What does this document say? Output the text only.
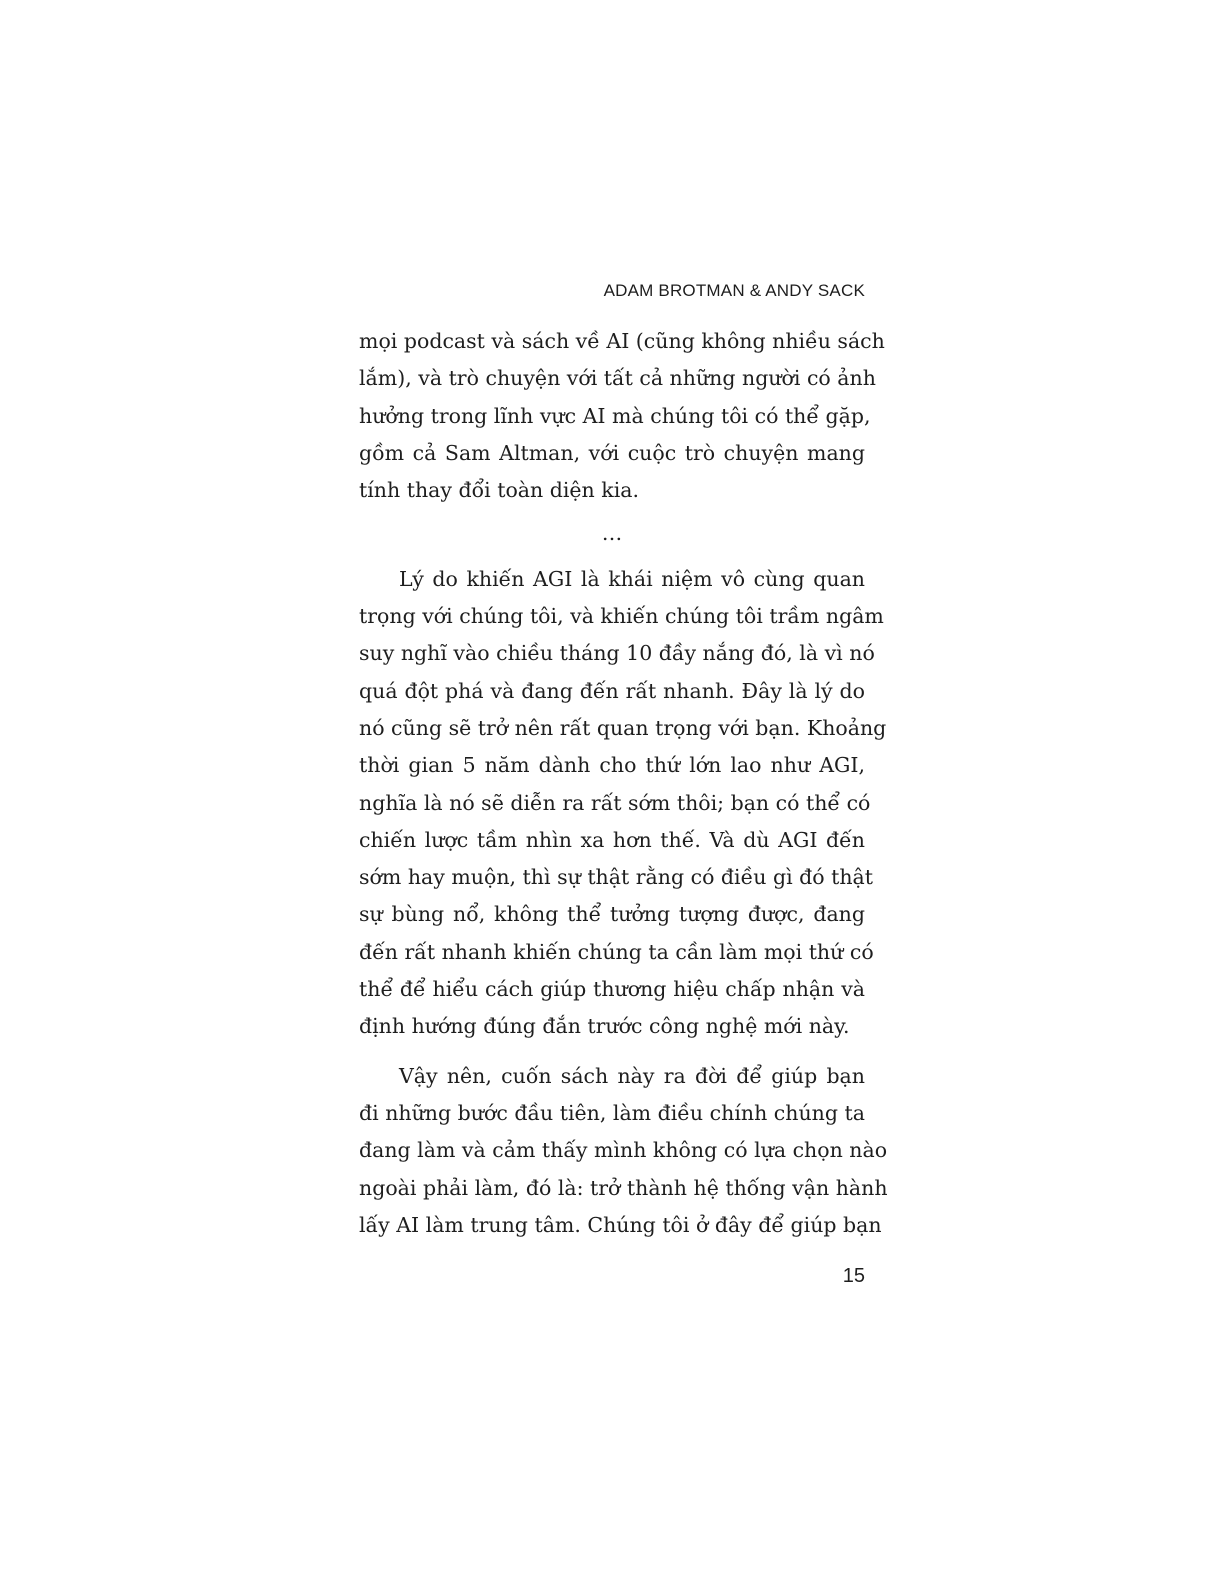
ADAM BROTMAN & ANDY SACK

mọi podcast và sách về AI (cũng không nhiều sách
lắm), và trò chuyện với tất cả những người có ảnh
hưởng trong lĩnh vực AI mà chúng tôi có thể gặp,
gồm cả Sam Altman, với cuộc trò chuyện mang
tính thay đổi toàn diện kia.
…
Lý do khiến AGI là khái niệm vô cùng quan
trọng với chúng tôi, và khiến chúng tôi trầm ngâm
suy nghĩ vào chiều tháng 10 đầy nắng đó, là vì nó
quá đột phá và đang đến rất nhanh. Đây là lý do
nó cũng sẽ trở nên rất quan trọng với bạn. Khoảng
thời gian 5 năm dành cho thứ lớn lao như AGI,
nghĩa là nó sẽ diễn ra rất sớm thôi; bạn có thể có
chiến lược tầm nhìn xa hơn thế. Và dù AGI đến
sớm hay muộn, thì sự thật rằng có điều gì đó thật
sự bùng nổ, không thể tưởng tượng được, đang
đến rất nhanh khiến chúng ta cần làm mọi thứ có
thể để hiểu cách giúp thương hiệu chấp nhận và
định hướng đúng đắn trước công nghệ mới này.
Vậy nên, cuốn sách này ra đời để giúp bạn
đi những bước đầu tiên, làm điều chính chúng ta
đang làm và cảm thấy mình không có lựa chọn nào
ngoài phải làm, đó là: trở thành hệ thống vận hành
lấy AI làm trung tâm. Chúng tôi ở đây để giúp bạn

15
